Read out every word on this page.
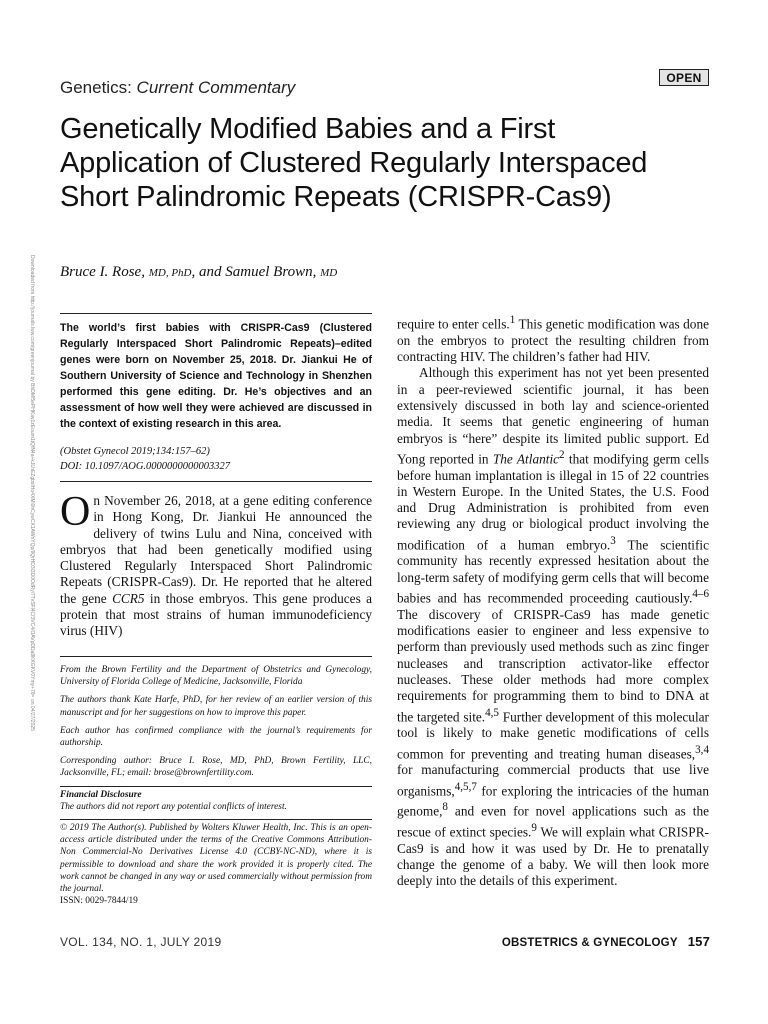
Genetics: Current Commentary
OPEN
Genetically Modified Babies and a First Application of Clustered Regularly Interspaced Short Palindromic Repeats (CRISPR-Cas9)
Bruce I. Rose, MD, PhD, and Samuel Brown, MD
Downloaded from http://journals.lww.com/greenjournal by BhDMf5ePHKav1zEoum1tQfN4a+kJLhEZgbsIHo4XMi0hCywCX1AWnYQp/IlQrHD3i3D0OdRyi7TvSFl4Cf3VC4/OAVpDDa8KKGKV0Ymy+78= on 04/27/2025 The world’s first babies with CRISPR-Cas9 (Clustered Regularly Interspaced Short Palindromic Repeats)–edited genes were born on November 25, 2018. Dr. Jiankui He of Southern University of Science and Technology in Shenzhen performed this gene editing. Dr. He’s objectives and an assessment of how well they were achieved are discussed in the context of existing research in this area.
(Obstet Gynecol 2019;134:157–62)
DOI: 10.1097/AOG.0000000000003327

On November 26, 2018, at a gene editing conference in Hong Kong, Dr. Jiankui He announced the delivery of twins Lulu and Nina, conceived with embryos that had been genetically modified using Clustered Regularly Interspaced Short Palindromic Repeats (CRISPR-Cas9). Dr. He reported that he altered the gene CCR5 in those embryos. This gene produces a protein that most strains of human immunodeficiency virus (HIV)

From the Brown Fertility and the Department of Obstetrics and Gynecology, University of Florida College of Medicine, Jacksonville, Florida

The authors thank Kate Harfe, PhD, for her review of an earlier version of this manuscript and for her suggestions on how to improve this paper.

Each author has confirmed compliance with the journal’s requirements for authorship.

Corresponding author: Bruce I. Rose, MD, PhD, Brown Fertility, LLC, Jacksonville, FL; email: brose@brownfertility.com.

Financial Disclosure

The authors did not report any potential conflicts of interest.

© 2019 The Author(s). Published by Wolters Kluwer Health, Inc. This is an open-access article distributed under the terms of the Creative Commons Attribution-Non Commercial-No Derivatives License 4.0 (CCBY-NC-ND), where it is permissible to download and share the work provided it is properly cited. The work cannot be changed in any way or used commercially without permission from the journal.

ISSN: 0029-7844/19

require to enter cells.$^1$ This genetic modification was done on the embryos to protect the resulting children from contracting HIV. The children’s father had HIV.

Although this experiment has not yet been presented in a peer-reviewed scientific journal, it has been extensively discussed in both lay and science-oriented media. It seems that genetic engineering of human embryos is “here” despite its limited public support. Ed Yong reported in The Atlantic$^2$ that modifying germ cells before human implantation is illegal in 15 of 22 countries in Western Europe. In the United States, the U.S. Food and Drug Administration is prohibited from even reviewing any drug or biological product involving the modification of a human embryo.$^3$ The scientific community has recently expressed hesitation about the long-term safety of modifying germ cells that will become babies and has recommended proceeding cautiously.$^{4-6}$ The discovery of CRISPR-Cas9 has made genetic modifications easier to engineer and less expensive to perform than previously used methods such as zinc finger nucleases and transcription activator-like effector nucleases. These older methods had more complex requirements for programming them to bind to DNA at the targeted site.$^{4,5}$ Further development of this molecular tool is likely to make genetic modifications of cells common for preventing and treating human diseases,$^{3,4}$ for manufacturing commercial products that use live organisms,$^{4,5,7}$ for exploring the intricacies of the human genome,$^8$ and even for novel applications such as the rescue of extinct species.$^9$ We will explain what CRISPR-Cas9 is and how it was used by Dr. He to prenatally change the genome of a baby. We will then look more deeply into the details of this experiment.

VOL. 134, NO. 1, JULY 2019	OBSTETRICS & GYNECOLOGY 157
